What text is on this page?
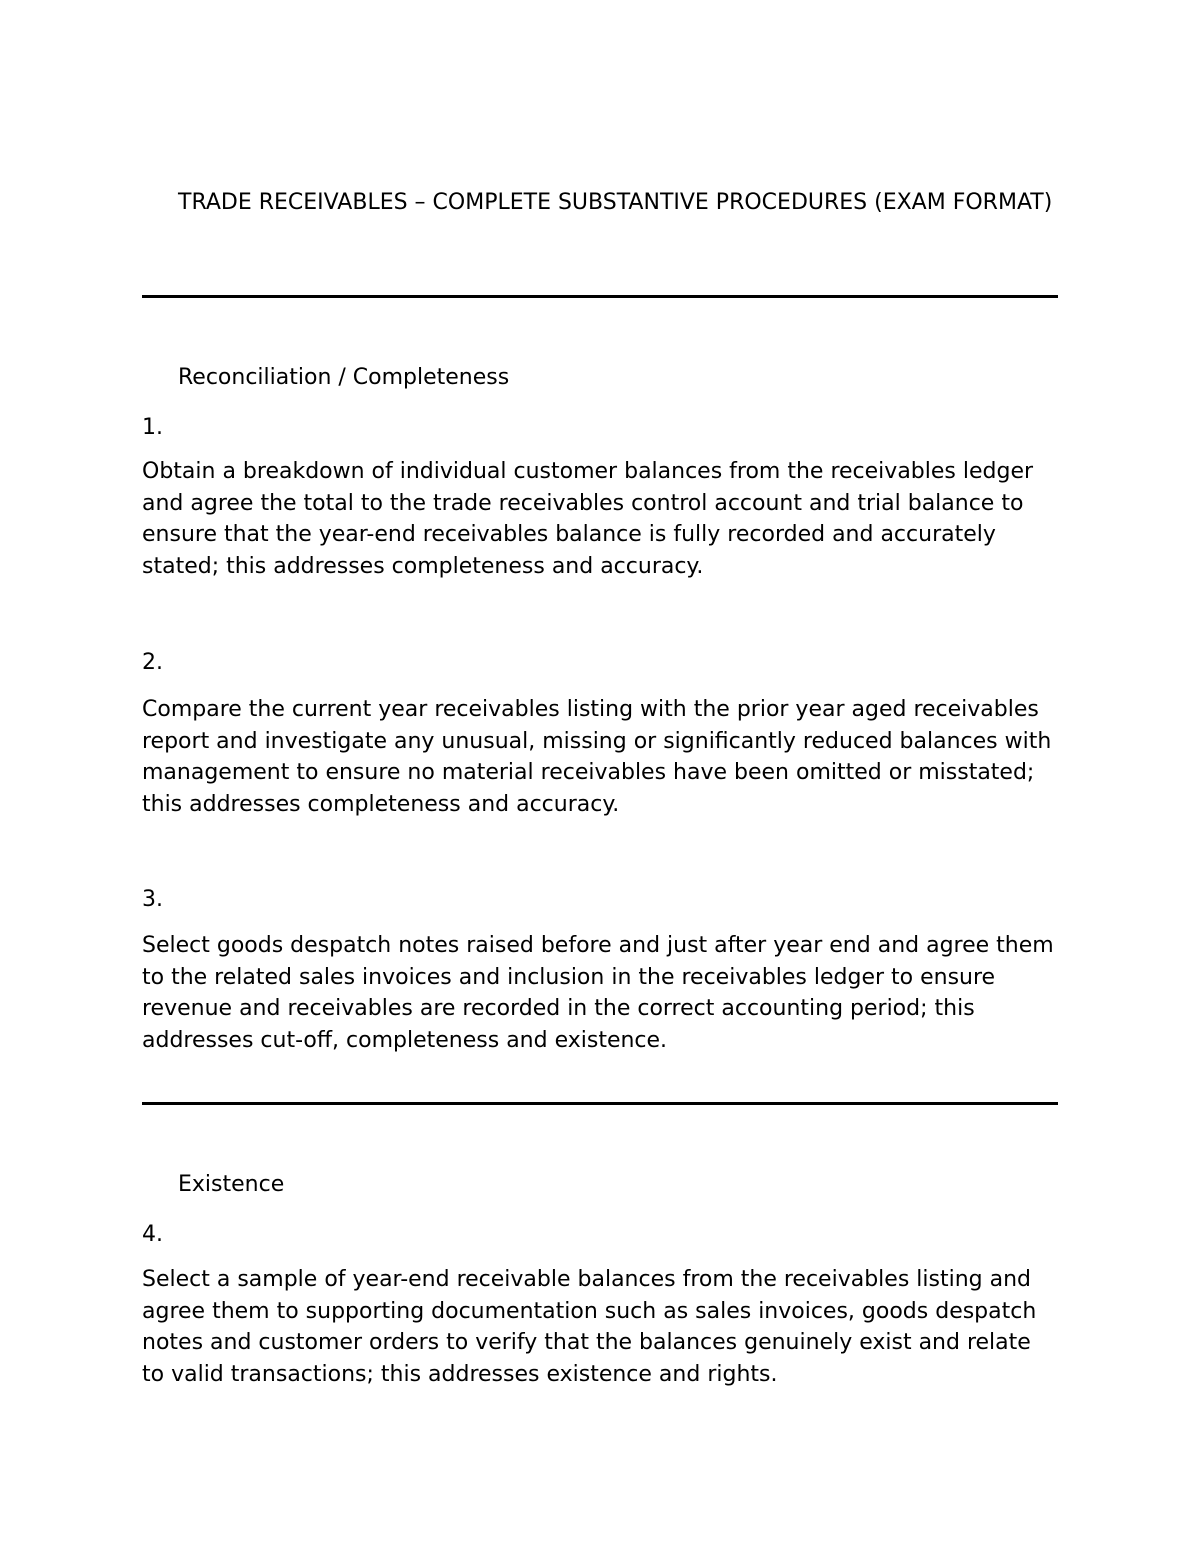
TRADE RECEIVABLES – COMPLETE SUBSTANTIVE PROCEDURES (EXAM FORMAT)
Reconciliation / Completeness
1.

Obtain a breakdown of individual customer balances from the receivables ledger and agree the total to the trade receivables control account and trial balance to ensure that the year-end receivables balance is fully recorded and accurately stated; this addresses completeness and accuracy.

2.

Compare the current year receivables listing with the prior year aged receivables report and investigate any unusual, missing or significantly reduced balances with management to ensure no material receivables have been omitted or misstated; this addresses completeness and accuracy.

3.

Select goods despatch notes raised before and just after year end and agree them to the related sales invoices and inclusion in the receivables ledger to ensure revenue and receivables are recorded in the correct accounting period; this addresses cut-off, completeness and existence.

Existence
4.

Select a sample of year-end receivable balances from the receivables listing and agree them to supporting documentation such as sales invoices, goods despatch notes and customer orders to verify that the balances genuinely exist and relate to valid transactions; this addresses existence and rights.
